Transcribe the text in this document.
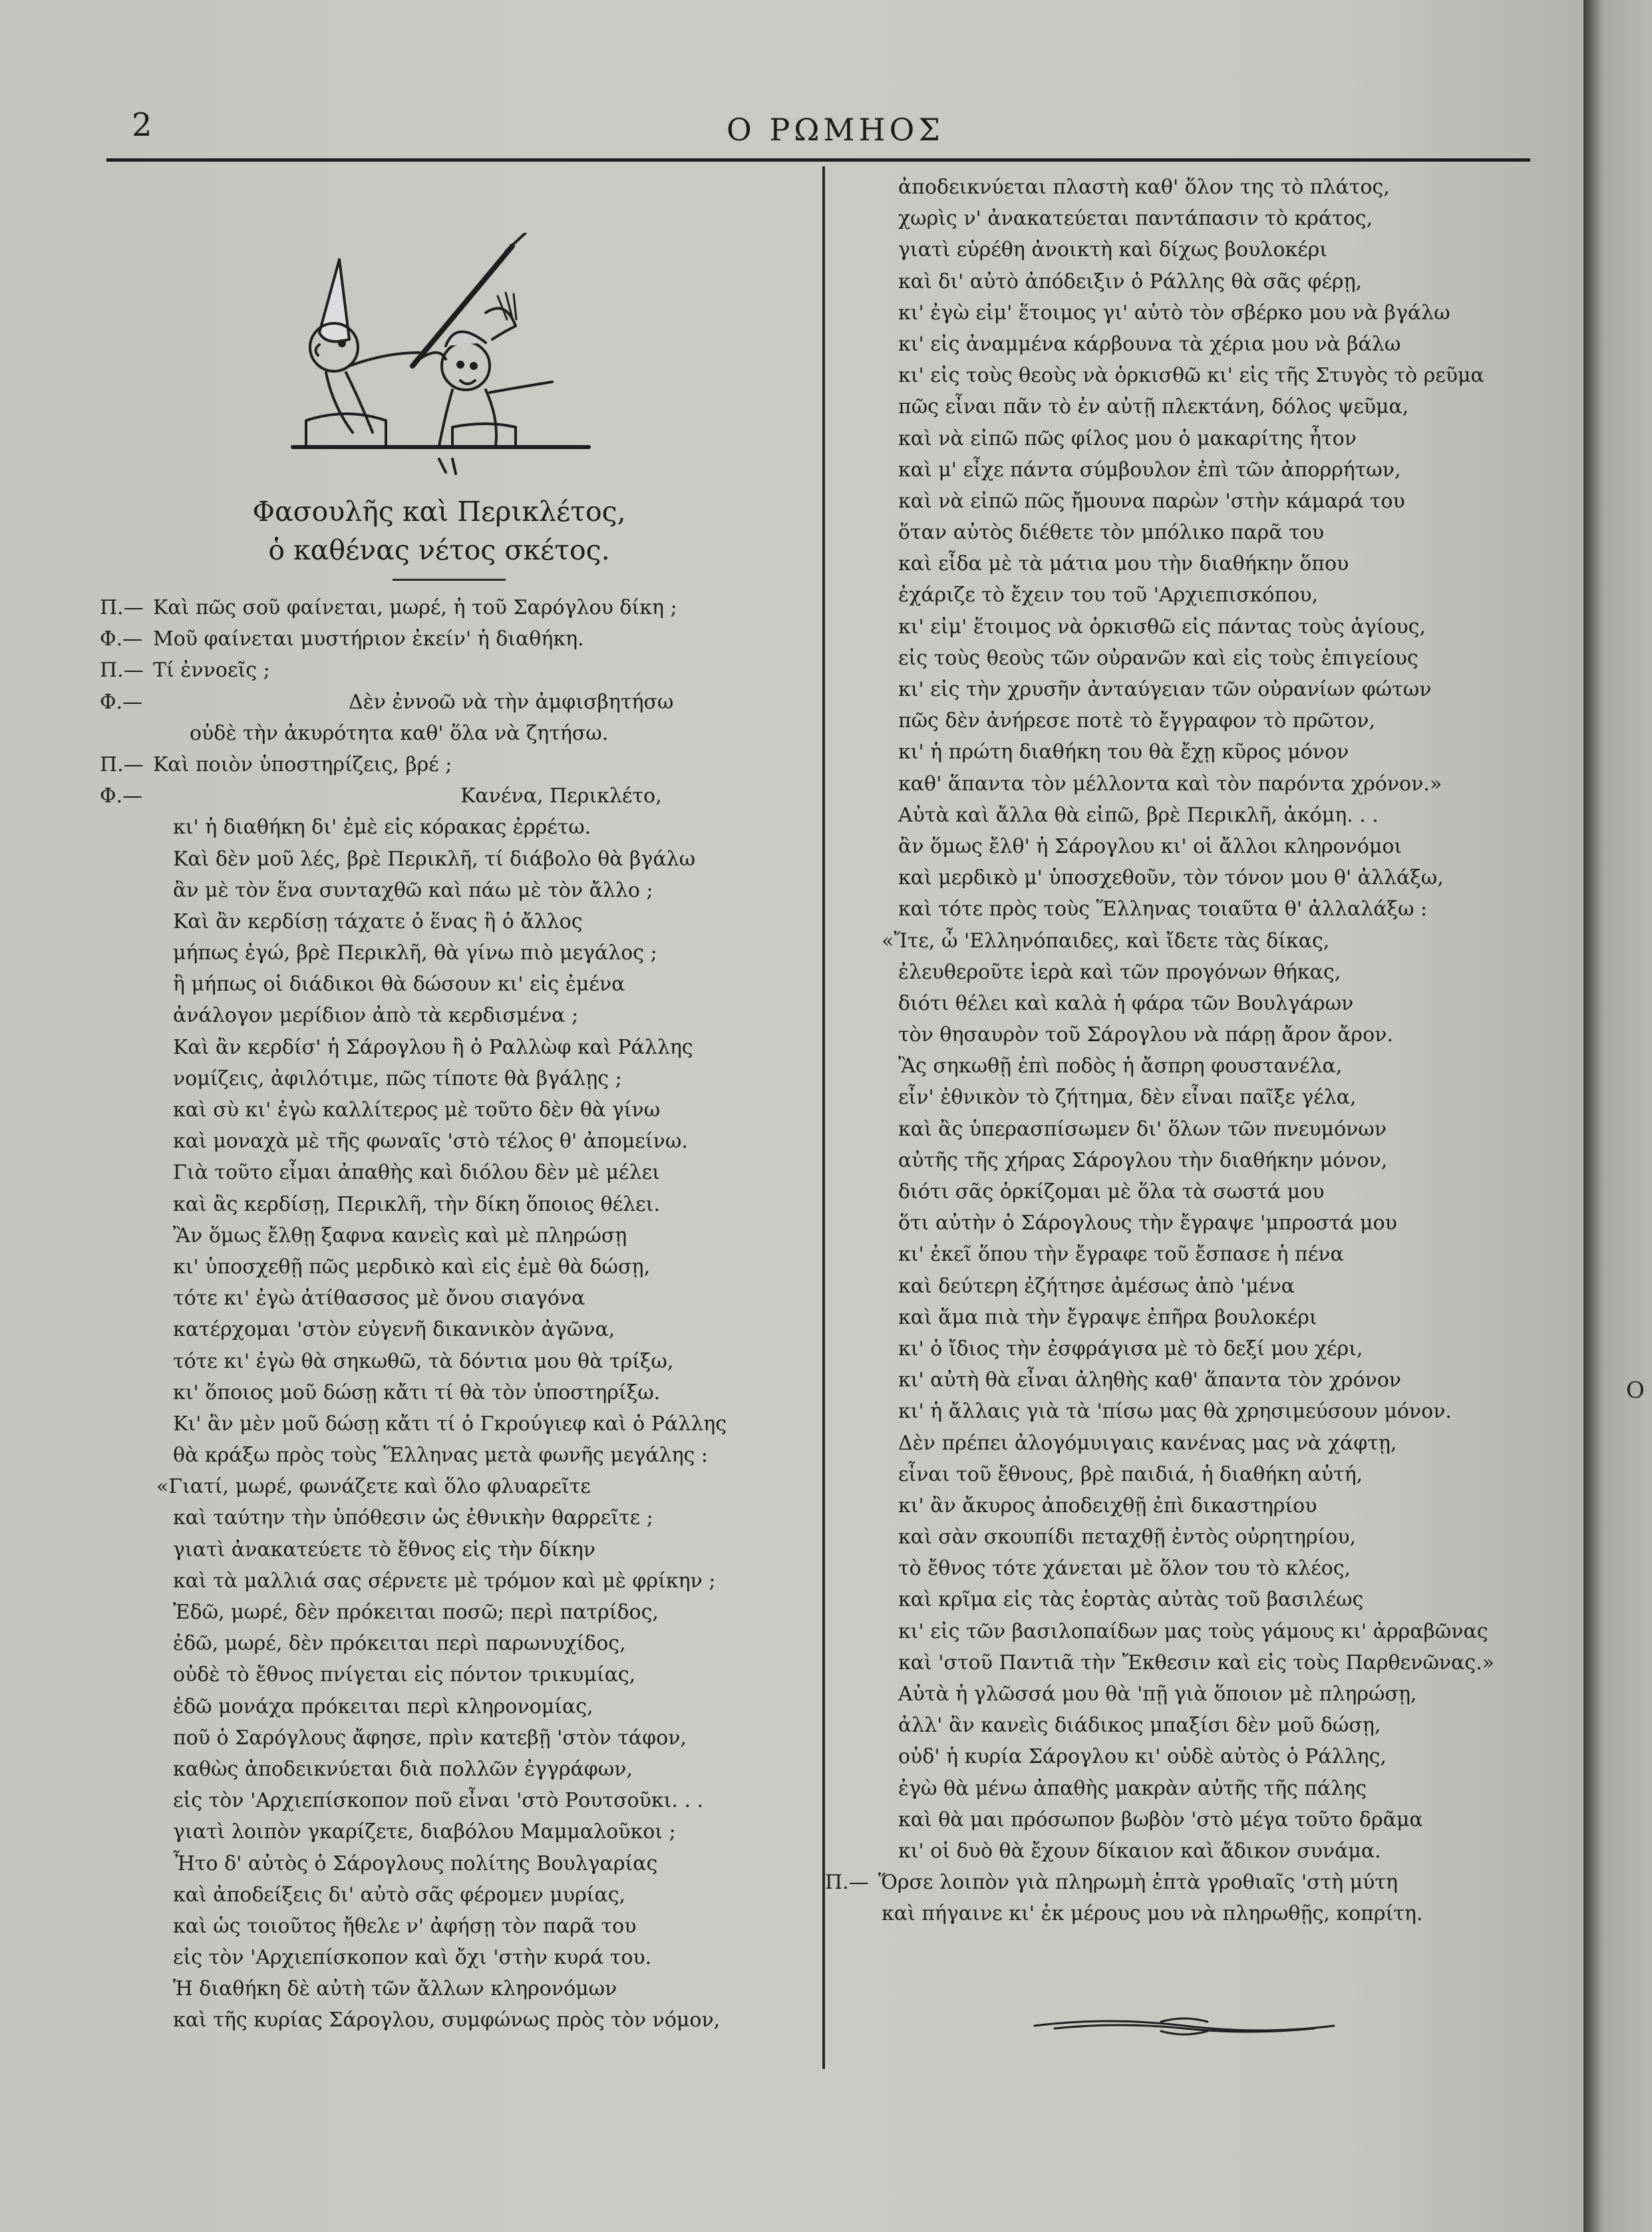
Ο
2	Ο ΡΩΜΗΟΣ
Φασουλῆς καὶ Περικλέτος,
ὁ καθένας νέτος σκέτος.
Π.— Καὶ πῶς σοῦ φαίνεται, μωρέ, ἡ τοῦ Σαρόγλου δίκη ;
Φ.— Μοῦ φαίνεται μυστήριον ἐκείν' ἡ διαθήκη.
Π.— Τί ἐννοεῖς ;
Φ.—	Δὲν ἐννοῶ νὰ τὴν ἀμφισβητήσω
οὐδὲ τὴν ἀκυρότητα καθ' ὅλα νὰ ζητήσω.
Π.— Καὶ ποιὸν ὑποστηρίζεις, βρέ ;
Φ.—	Κανένα, Περικλέτο,
κι' ἡ διαθήκη δι' ἐμὲ εἰς κόρακας ἐρρέτω.
Καὶ δὲν μοῦ λές, βρὲ Περικλῆ, τί διάβολο θὰ βγάλω
ἂν μὲ τὸν ἕνα συνταχθῶ καὶ πάω μὲ τὸν ἄλλο ;
Καὶ ἂν κερδίσῃ τάχατε ὁ ἕνας ἢ ὁ ἄλλος
μήπως ἐγώ, βρὲ Περικλῆ, θὰ γίνω πιὸ μεγάλος ;
ἢ μήπως οἱ διάδικοι θὰ δώσουν κι' εἰς ἐμένα
ἀνάλογον μερίδιον ἀπὸ τὰ κερδισμένα ;
Καὶ ἂν κερδίσ' ἡ Σάρογλου ἢ ὁ Ραλλὼφ καὶ Ράλλης
νομίζεις, ἀφιλότιμε, πῶς τίποτε θὰ βγάλῃς ;
καὶ σὺ κι' ἐγὼ καλλίτερος μὲ τοῦτο δὲν θὰ γίνω
καὶ μοναχὰ μὲ τῆς φωναῖς 'στὸ τέλος θ' ἀπομείνω.
Γιὰ τοῦτο εἶμαι ἀπαθὴς καὶ διόλου δὲν μὲ μέλει
καὶ ἂς κερδίσῃ, Περικλῆ, τὴν δίκη ὅποιος θέλει.
Ἂν ὅμως ἔλθῃ ξαφνα κανεὶς καὶ μὲ πληρώσῃ
κι' ὑποσχεθῇ πῶς μερδικὸ καὶ εἰς ἐμὲ θὰ δώσῃ,
τότε κι' ἐγὼ ἀτίθασσος μὲ ὄνου σιαγόνα
κατέρχομαι 'στὸν εὐγενῆ δικανικὸν ἀγῶνα,
τότε κι' ἐγὼ θὰ σηκωθῶ, τὰ δόντια μου θὰ τρίξω,
κι' ὅποιος μοῦ δώσῃ κἄτι τί θὰ τὸν ὑποστηρίξω.
Κι' ἂν μὲν μοῦ δώσῃ κἄτι τί ὁ Γκρούγιεφ καὶ ὁ Ράλλης
θὰ κράξω πρὸς τοὺς Ἕλληνας μετὰ φωνῆς μεγάλης :
«Γιατί, μωρέ, φωνάζετε καὶ ὅλο φλυαρεῖτε
καὶ ταύτην τὴν ὑπόθεσιν ὡς ἐθνικὴν θαρρεῖτε ;
γιατὶ ἀνακατεύετε τὸ ἔθνος εἰς τὴν δίκην
καὶ τὰ μαλλιά σας σέρνετε μὲ τρόμον καὶ μὲ φρίκην ;
Ἐδῶ, μωρέ, δὲν πρόκειται ποσῶ; περὶ πατρίδος,
ἐδῶ, μωρέ, δὲν πρόκειται περὶ παρωνυχίδος,
οὐδὲ τὸ ἔθνος πνίγεται εἰς πόντον τρικυμίας,
ἐδῶ μονάχα πρόκειται περὶ κληρονομίας,
ποῦ ὁ Σαρόγλους ἄφησε, πρὶν κατεβῇ 'στὸν τάφον,
καθὼς ἀποδεικνύεται διὰ πολλῶν ἐγγράφων,
εἰς τὸν 'Αρχιεπίσκοπον ποῦ εἶναι 'στὸ Ρουτσοῦκι. . .
γιατὶ λοιπὸν γκαρίζετε, διαβόλου Μαμμαλοῦκοι ;
Ἦτο δ' αὐτὸς ὁ Σάρογλους πολίτης Βουλγαρίας
καὶ ἀποδείξεις δι' αὐτὸ σᾶς φέρομεν μυρίας,
καὶ ὡς τοιοῦτος ἤθελε ν' ἀφήσῃ τὸν παρᾶ του
εἰς τὸν 'Αρχιεπίσκοπον καὶ ὄχι 'στὴν κυρά του.
Ἡ διαθήκη δὲ αὐτὴ τῶν ἄλλων κληρονόμων
καὶ τῆς κυρίας Σάρογλου, συμφώνως πρὸς τὸν νόμον,
ἀποδεικνύεται πλαστὴ καθ' ὅλον της τὸ πλάτος,
χωρὶς ν' ἀνακατεύεται παντάπασιν τὸ κράτος,
γιατὶ εὑρέθη ἀνοικτὴ καὶ δίχως βουλοκέρι
καὶ δι' αὐτὸ ἀπόδειξιν ὁ Ράλλης θὰ σᾶς φέρῃ,
κι' ἐγὼ εἰμ' ἕτοιμος γι' αὐτὸ τὸν σβέρκο μου νὰ βγάλω
κι' εἰς ἀναμμένα κάρβουνα τὰ χέρια μου νὰ βάλω
κι' εἰς τοὺς θεοὺς νὰ ὁρκισθῶ κι' εἰς τῆς Στυγὸς τὸ ρεῦμα
πῶς εἶναι πᾶν τὸ ἐν αὐτῇ πλεκτάνη, δόλος ψεῦμα,
καὶ νὰ εἰπῶ πῶς φίλος μου ὁ μακαρίτης ἦτον
καὶ μ' εἶχε πάντα σύμβουλον ἐπὶ τῶν ἀπορρήτων,
καὶ νὰ εἰπῶ πῶς ἤμουνα παρὼν 'στὴν κάμαρά του
ὅταν αὐτὸς διέθετε τὸν μπόλικο παρᾶ του
καὶ εἶδα μὲ τὰ μάτια μου τὴν διαθήκην ὅπου
ἐχάριζε τὸ ἔχειν του τοῦ 'Αρχιεπισκόπου,
κι' εἰμ' ἕτοιμος νὰ ὁρκισθῶ εἰς πάντας τοὺς ἁγίους,
εἰς τοὺς θεοὺς τῶν οὐρανῶν καὶ εἰς τοὺς ἐπιγείους
κι' εἰς τὴν χρυσῆν ἀνταύγειαν τῶν οὐρανίων φώτων
πῶς δὲν ἀνήρεσε ποτὲ τὸ ἔγγραφον τὸ πρῶτον,
κι' ἡ πρώτη διαθήκη του θὰ ἔχῃ κῦρος μόνον
καθ' ἅπαντα τὸν μέλλοντα καὶ τὸν παρόντα χρόνον.»
Αὐτὰ καὶ ἄλλα θὰ εἰπῶ, βρὲ Περικλῆ, ἀκόμη. . .
ἂν ὅμως ἔλθ' ἡ Σάρογλου κι' οἱ ἄλλοι κληρονόμοι
καὶ μερδικὸ μ' ὑποσχεθοῦν, τὸν τόνον μου θ' ἀλλάξω,
καὶ τότε πρὸς τοὺς Ἕλληνας τοιαῦτα θ' ἀλλαλάξω :
«Ἴτε, ὦ 'Ελληνόπαιδες, καὶ ἴδετε τὰς δίκας,
ἐλευθεροῦτε ἱερὰ καὶ τῶν προγόνων θήκας,
διότι θέλει καὶ καλὰ ἡ φάρα τῶν Βουλγάρων
τὸν θησαυρὸν τοῦ Σάρογλου νὰ πάρῃ ἄρον ἄρον.
Ἂς σηκωθῇ ἐπὶ ποδὸς ἡ ἄσπρη φουστανέλα,
εἶν' ἐθνικὸν τὸ ζήτημα, δὲν εἶναι παῖξε γέλα,
καὶ ἂς ὑπερασπίσωμεν δι' ὅλων τῶν πνευμόνων
αὐτῆς τῆς χήρας Σάρογλου τὴν διαθήκην μόνον,
διότι σᾶς ὁρκίζομαι μὲ ὅλα τὰ σωστά μου
ὅτι αὐτὴν ὁ Σάρογλους τὴν ἔγραψε 'μπροστά μου
κι' ἐκεῖ ὅπου τὴν ἔγραφε τοῦ ἔσπασε ἡ πένα
καὶ δεύτερη ἐζήτησε ἀμέσως ἀπὸ 'μένα
καὶ ἅμα πιὰ τὴν ἔγραψε ἐπῆρα βουλοκέρι
κι' ὁ ἴδιος τὴν ἐσφράγισα μὲ τὸ δεξί μου χέρι,
κι' αὐτὴ θὰ εἶναι ἀληθὴς καθ' ἅπαντα τὸν χρόνον
κι' ἡ ἄλλαις γιὰ τὰ 'πίσω μας θὰ χρησιμεύσουν μόνον.
Δὲν πρέπει ἀλογόμυιγαις κανένας μας νὰ χάφτῃ,
εἶναι τοῦ ἔθνους, βρὲ παιδιά, ἡ διαθήκη αὐτή,
κι' ἂν ἄκυρος ἀποδειχθῇ ἐπὶ δικαστηρίου
καὶ σὰν σκουπίδι πεταχθῇ ἐντὸς οὐρητηρίου,
τὸ ἔθνος τότε χάνεται μὲ ὅλον του τὸ κλέος,
καὶ κρῖμα εἰς τὰς ἑορτὰς αὐτὰς τοῦ βασιλέως
κι' εἰς τῶν βασιλοπαίδων μας τοὺς γάμους κι' ἀρραβῶνας
καὶ 'στοῦ Παντιᾶ τὴν Ἔκθεσιν καὶ εἰς τοὺς Παρθενῶνας.»
Αὐτὰ ἡ γλῶσσά μου θὰ 'πῇ γιὰ ὅποιον μὲ πληρώσῃ,
ἀλλ' ἂν κανεὶς διάδικος μπαξίσι δὲν μοῦ δώσῃ,
οὐδ' ἡ κυρία Σάρογλου κι' οὐδὲ αὐτὸς ὁ Ράλλης,
ἐγὼ θὰ μένω ἀπαθὴς μακρὰν αὐτῆς τῆς πάλης
καὶ θὰ μαι πρόσωπον βωβὸν 'στὸ μέγα τοῦτο δρᾶμα
κι' οἱ δυὸ θὰ ἔχουν δίκαιον καὶ ἄδικον συνάμα.
Π.— Ὅρσε λοιπὸν γιὰ πληρωμὴ ἑπτὰ γροθιαῖς 'στὴ μύτη
καὶ πήγαινε κι' ἐκ μέρους μου νὰ πληρωθῇς, κοπρίτη.
